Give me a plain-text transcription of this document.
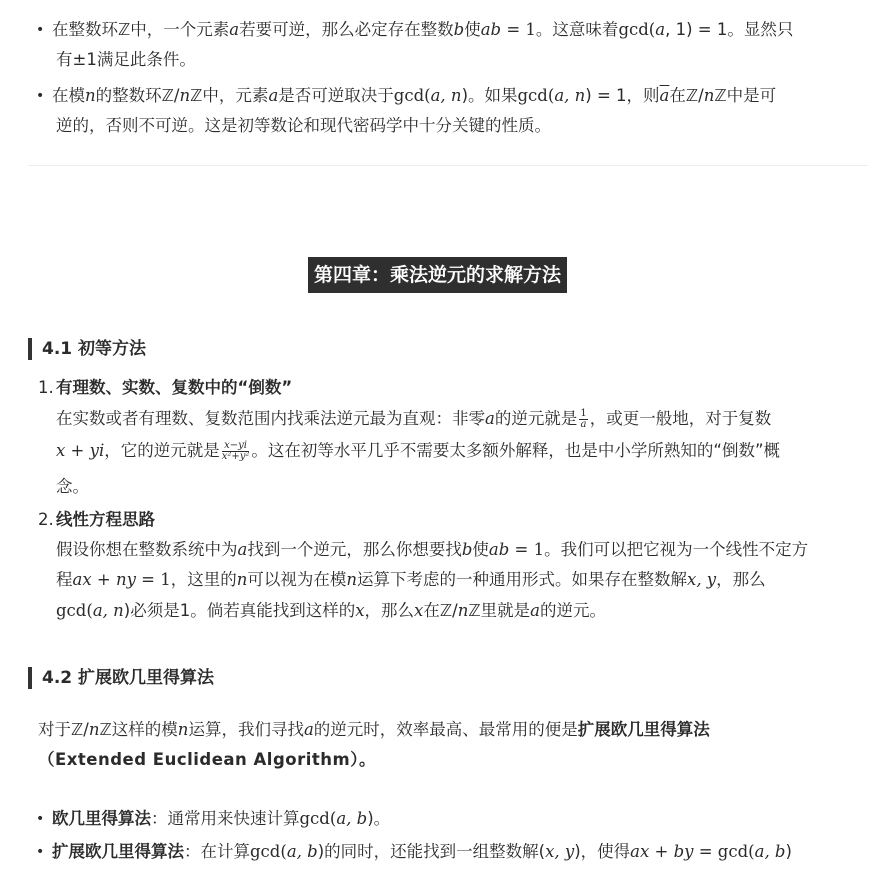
• 在整数环ℤ中，一个元素a若要可逆，那么必定存在整数b使ab = 1。这意味着gcd(a, 1) = 1。显然只
有±1满足此条件。
• 在模n的整数环ℤ/nℤ中，元素a是否可逆取决于gcd(a, n)。如果gcd(a, n) = 1，则$\overline{a}$在ℤ/nℤ中是可
逆的，否则不可逆。这是初等数论和现代密码学中十分关键的性质。
第四章：乘法逆元的求解方法
4.1 初等方法
1. 有理数、实数、复数中的“倒数”
在实数或者有理数、复数范围内找乘法逆元最为直观：非零a的逆元就是 $\frac{1}{a}$ ，或更一般地，对于复数
x + yi，它的逆元就是 $\frac{x-yi}{\text{x²+y²}}$ 。这在初等水平几乎不需要太多额外解释，也是中小学所熟知的“倒数”概
念。
2. 线性方程思路
假设你想在整数系统中为a找到一个逆元，那么你想要找b使ab = 1。我们可以把它视为一个线性不定方
程ax + ny = 1，这里的n可以视为在模n运算下考虑的一种通用形式。如果存在整数解x, y，那么
gcd(a, n)必须是1。倘若真能找到这样的x，那么x在ℤ/nℤ里就是a的逆元。
4.2 扩展欧几里得算法
对于ℤ/nℤ这样的模n运算，我们寻找a的逆元时，效率最高、最常用的便是扩展欧几里得算法
（Extended Euclidean Algorithm）。
• 欧几里得算法：通常用来快速计算gcd(a, b)。
• 扩展欧几里得算法：在计算gcd(a, b)的同时，还能找到一组整数解(x, y)，使得ax + by = gcd(a, b)
